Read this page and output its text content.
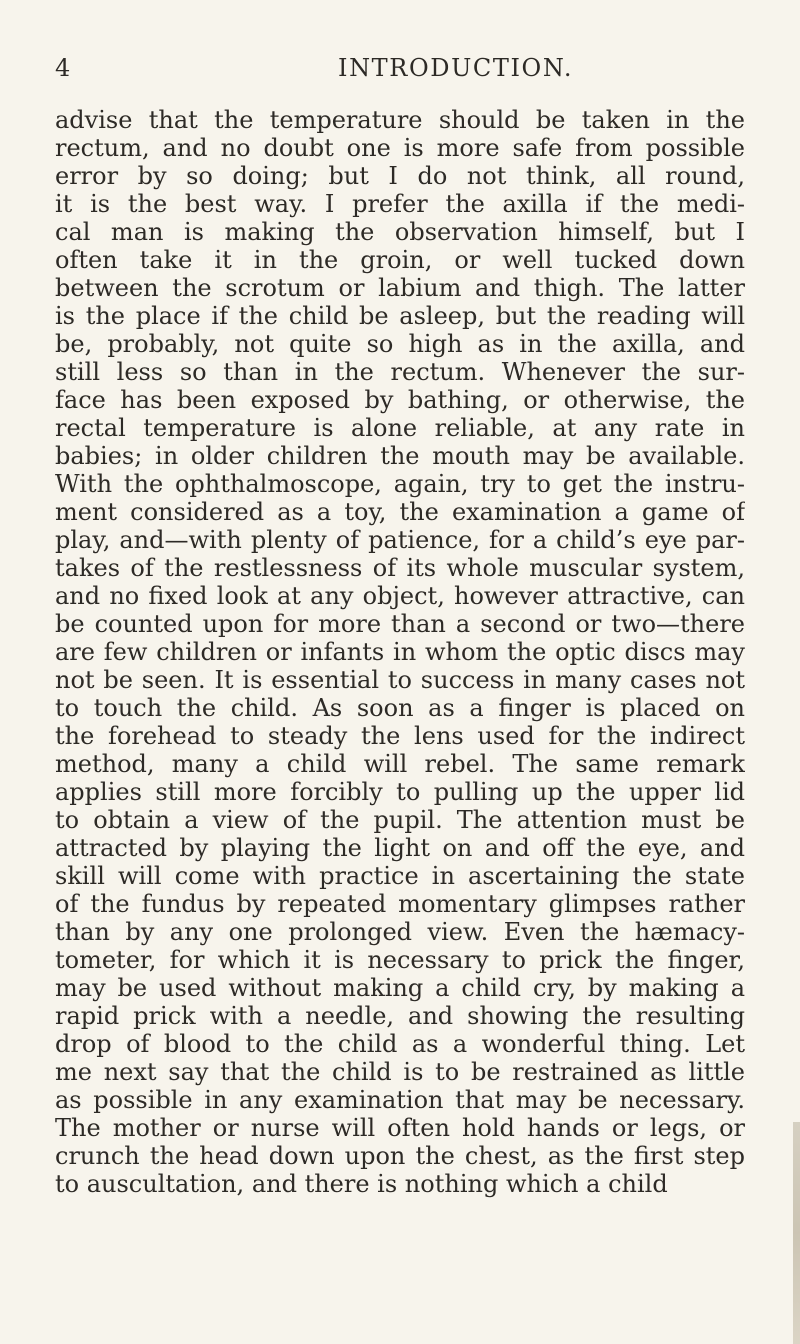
4	INTRODUCTION.
advise that the temperature should be taken in the
rectum, and no doubt one is more safe from possible
error by so doing; but I do not think, all round,
it is the best way. I prefer the axilla if the medi-
cal man is making the observation himself, but I
often take it in the groin, or well tucked down
between the scrotum or labium and thigh. The latter
is the place if the child be asleep, but the reading will
be, probably, not quite so high as in the axilla, and
still less so than in the rectum. Whenever the sur-
face has been exposed by bathing, or otherwise, the
rectal temperature is alone reliable, at any rate in
babies; in older children the mouth may be available.
With the ophthalmoscope, again, try to get the instru-
ment considered as a toy, the examination a game of
play, and—with plenty of patience, for a child’s eye par-
takes of the restlessness of its whole muscular system,
and no fixed look at any object, however attractive, can
be counted upon for more than a second or two—there
are few children or infants in whom the optic discs may
not be seen. It is essential to success in many cases not
to touch the child. As soon as a finger is placed on
the forehead to steady the lens used for the indirect
method, many a child will rebel. The same remark
applies still more forcibly to pulling up the upper lid
to obtain a view of the pupil. The attention must be
attracted by playing the light on and off the eye, and
skill will come with practice in ascertaining the state
of the fundus by repeated momentary glimpses rather
than by any one prolonged view. Even the hæmacy-
tometer, for which it is necessary to prick the finger,
may be used without making a child cry, by making a
rapid prick with a needle, and showing the resulting
drop of blood to the child as a wonderful thing. Let
me next say that the child is to be restrained as little
as possible in any examination that may be necessary.
The mother or nurse will often hold hands or legs, or
crunch the head down upon the chest, as the first step
to auscultation, and there is nothing which a child
